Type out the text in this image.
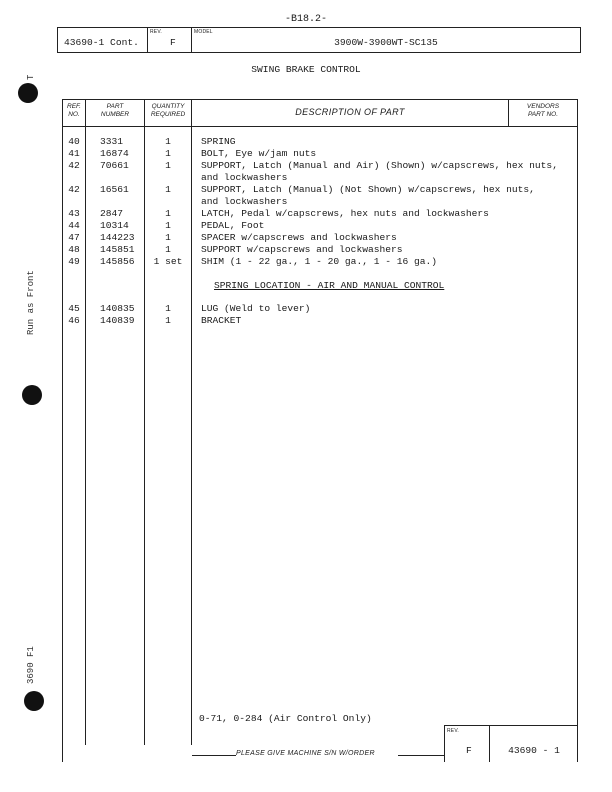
-B18.2-
43690-1 Cont.
REV.
F
MODEL
3900W-3900WT-SC135
SWING BRAKE CONTROL
T
Run as Front
3690 F1
REF.
NO.
PART
NUMBER
QUANTITY
REQUIRED	DESCRIPTION OF PART
VENDORS
PART NO.
40	3331	1	SPRING
41	16874	1	BOLT, Eye w/jam nuts
42	70661	1	SUPPORT, Latch (Manual and Air) (Shown) w/capscrews, hex nuts,
and lockwashers
42	16561	1	SUPPORT, Latch (Manual) (Not Shown) w/capscrews, hex nuts,
and lockwashers
43	2847	1	LATCH, Pedal w/capscrews, hex nuts and lockwashers
44	10314	1	PEDAL, Foot
47	144223	1	SPACER w/capscrews and lockwashers
48	145851	1	SUPPORT w/capscrews and lockwashers
49	145856	1 set	SHIM (1 - 22 ga., 1 - 20 ga., 1 - 16 ga.)
SPRING LOCATION - AIR AND MANUAL CONTROL
45	140835	1	LUG (Weld to lever)
46	140839	1	BRACKET
0-71, 0-284 (Air Control Only)
REV.
F	43690 - 1
PLEASE GIVE MACHINE S/N W/ORDER
